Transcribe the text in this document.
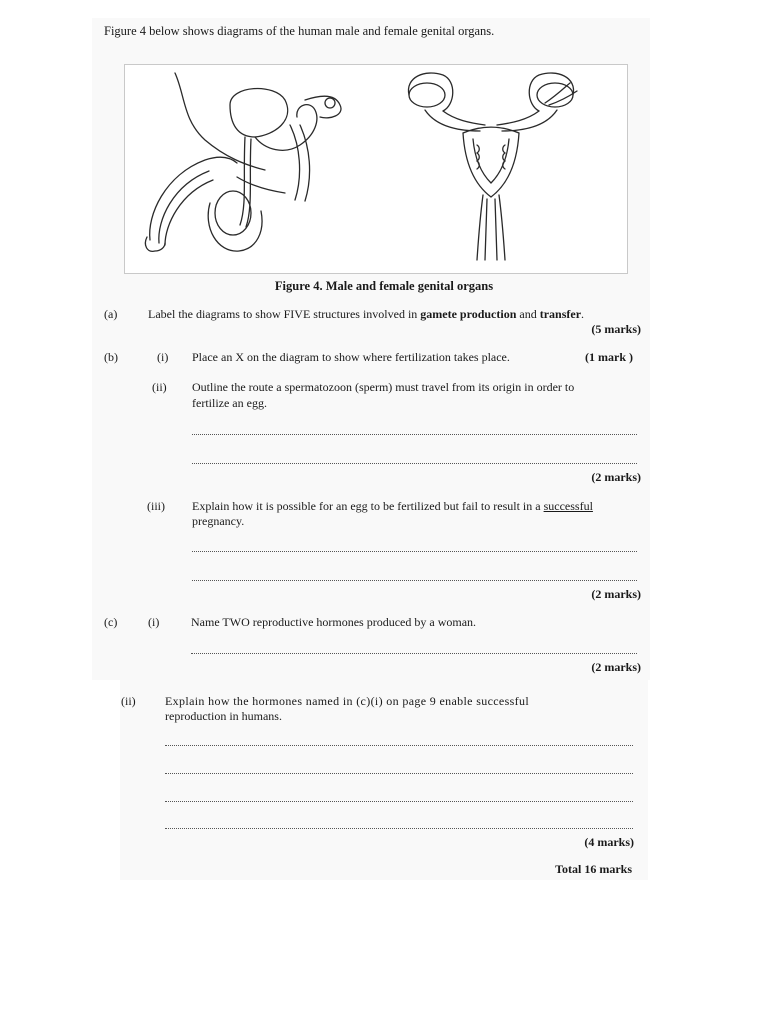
Figure 4 below shows diagrams of the human male and female genital organs.
Figure 4. Male and female genital organs
(a)	Label the diagrams to show FIVE structures involved in gamete production and transfer.
(5 marks)
(b)	(i) Place an X on the diagram to show where fertilization takes place.	(1 mark )
(ii) Outline the route a spermatozoon (sperm) must travel from its origin in order to
fertilize an egg.
(2 marks)
(iii) Explain how it is possible for an egg to be fertilized but fail to result in a successful
pregnancy.
(2 marks)
(c)	(i)	Name TWO reproductive hormones produced by a woman.
(2 marks)
(ii) Explain how the hormones named in (c)(i) on page 9 enable successful
reproduction in humans.
(4 marks)
Total 16 marks
